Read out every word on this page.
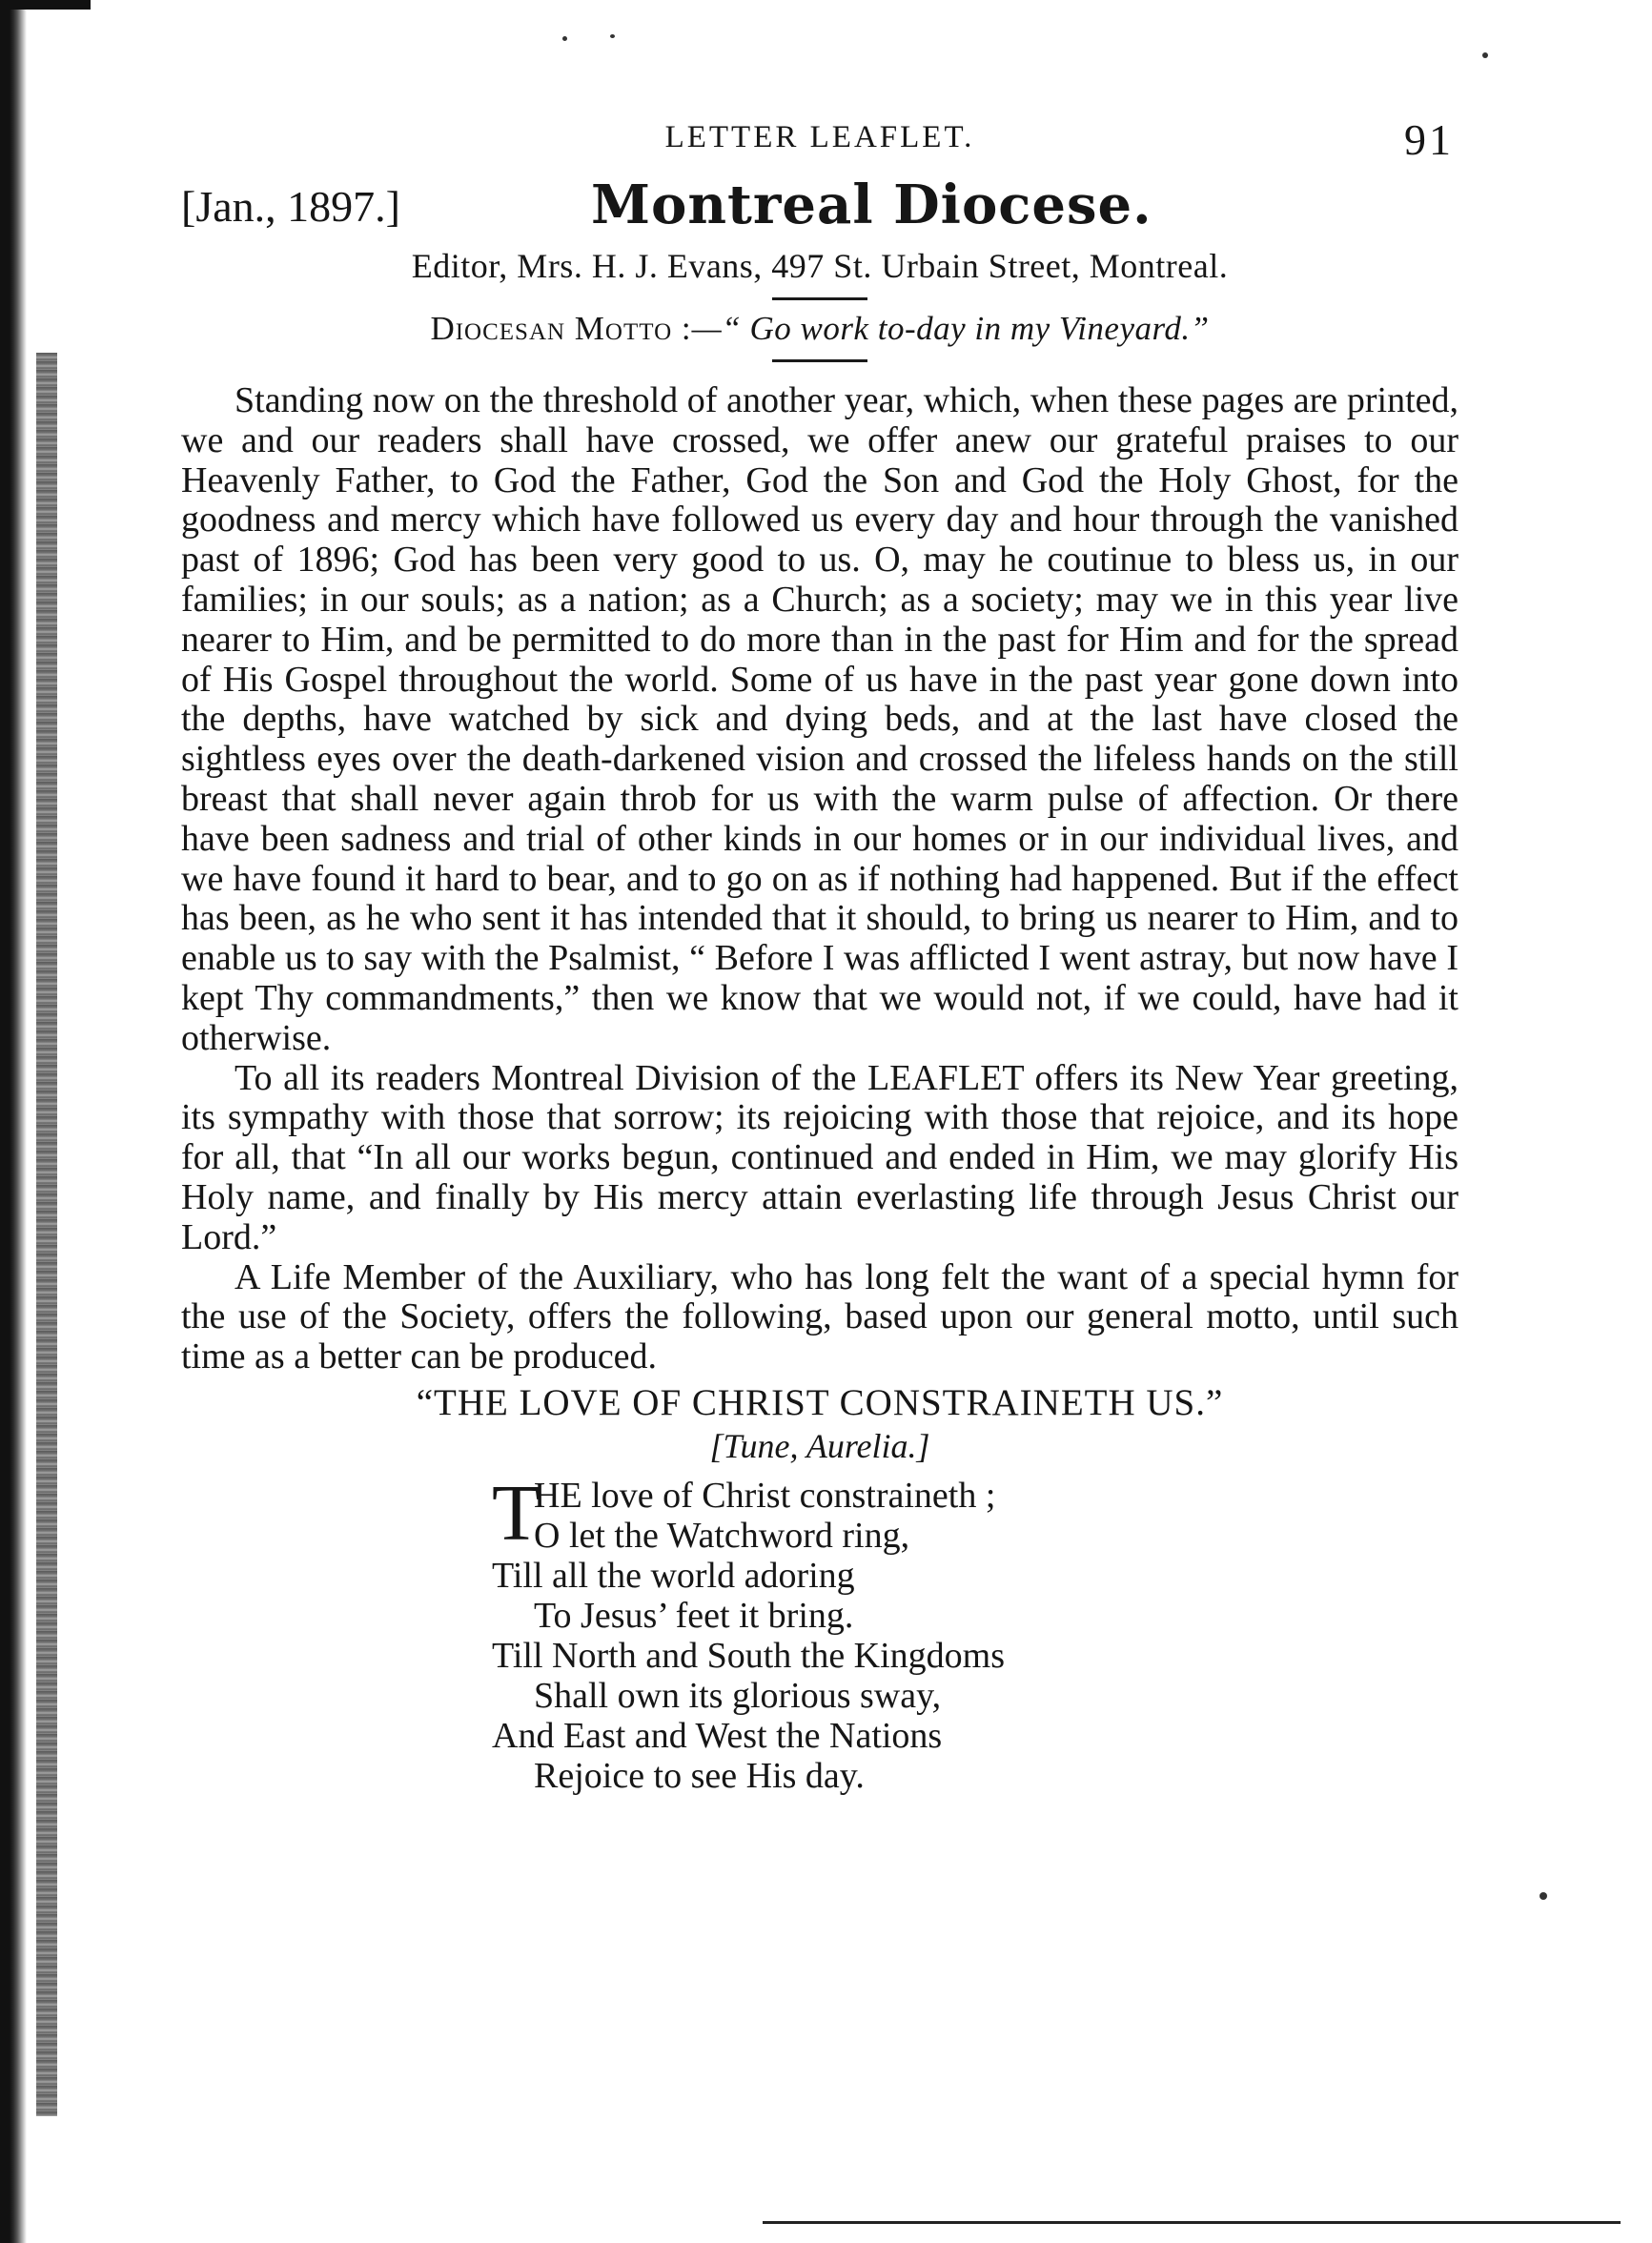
LETTER LEAFLET.	91
[Jan., 1897.]	Montreal Diocese.
Editor, Mrs. H. J. Evans, 497 St. Urbain Street, Montreal.
Diocesan Motto :—“ Go work to-day in my Vineyard.”

Standing now on the threshold of another year, which, when these pages are printed, we and our readers shall have crossed, we offer anew our grateful praises to our Heavenly Father, to God the Father, God the Son and God the Holy Ghost, for the goodness and mercy which have followed us every day and hour through the vanished past of 1896; God has been very good to us. O, may he coutinue to bless us, in our families; in our souls; as a nation; as a Church; as a society; may we in this year live nearer to Him, and be permitted to do more than in the past for Him and for the spread of His Gospel throughout the world. Some of us have in the past year gone down into the depths, have watched by sick and dying beds, and at the last have closed the sightless eyes over the death-darkened vision and crossed the lifeless hands on the still breast that shall never again throb for us with the warm pulse of affection. Or there have been sadness and trial of other kinds in our homes or in our individual lives, and we have found it hard to bear, and to go on as if nothing had happened. But if the effect has been, as he who sent it has intended that it should, to bring us nearer to Him, and to enable us to say with the Psalmist, “ Before I was afflicted I went astray, but now have I kept Thy commandments,” then we know that we would not, if we could, have had it otherwise.

To all its readers Montreal Division of the LEAFLET offers its New Year greeting, its sympathy with those that sorrow; its rejoicing with those that rejoice, and its hope for all, that “In all our works begun, continued and ended in Him, we may glorify His Holy name, and finally by His mercy attain everlasting life through Jesus Christ our Lord.”

A Life Member of the Auxiliary, who has long felt the want of a special hymn for the use of the Society, offers the following, based upon our general motto, until such time as a better can be produced.

“THE LOVE OF CHRIST CONSTRAINETH US.”
[Tune, Aurelia.]
T
HE love of Christ constraineth ;
O let the Watchword ring,
Till all the world adoring
To Jesus’ feet it bring.
Till North and South the Kingdoms
Shall own its glorious sway,
And East and West the Nations
Rejoice to see His day.
